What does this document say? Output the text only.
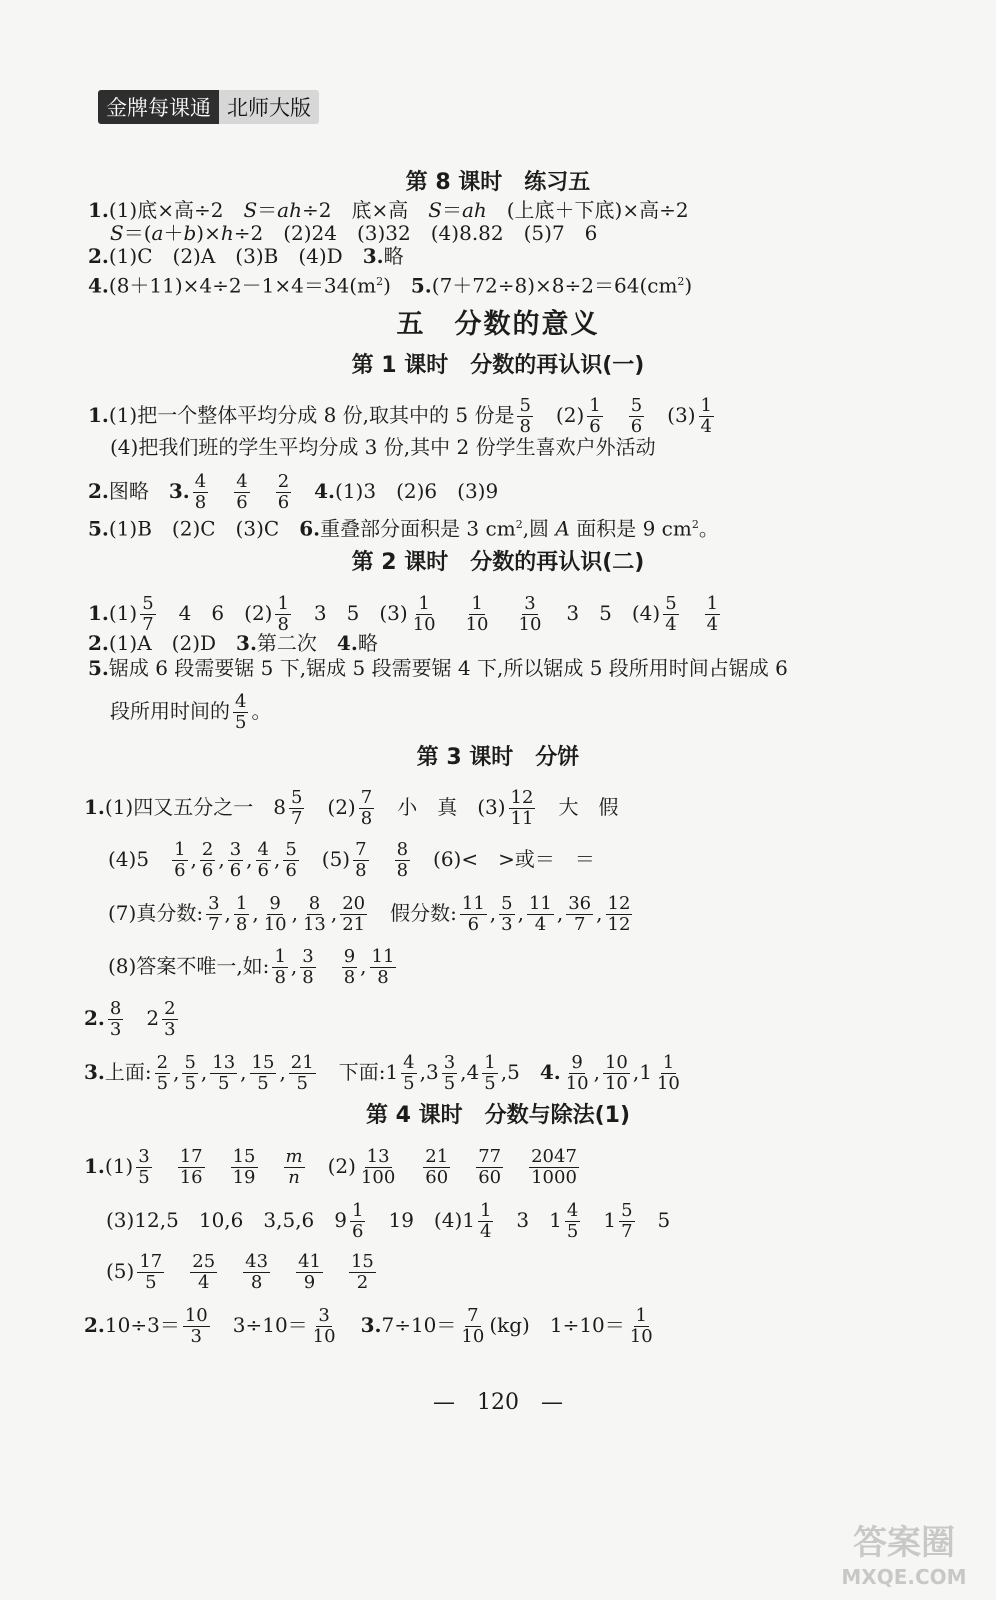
金牌每课通 北师大版
第 8 课时　练习五
1.(1)底×高÷2　S＝ah÷2　底×高　S＝ah　(上底＋下底)×高÷2
S＝(a＋b)×h÷2　(2)24　(3)32　(4)8.82　(5)7　6
2.(1)C　(2)A　(3)B　(4)D　3.略
$4.(8+11)\times 4\div 2-1\times 4=34(m^2)$　$5.(7+72\div 8)\times 8\div 2=64(cm^2)$
五　分数的意义
第 1 课时　分数的再认识(一)
1.(1)把一个整体平均分成 8 份,取其中的 5 份是 $\frac{5}{8}$ 　$(2) \frac{1}{6}$
　 $\frac{5}{6}$ 　$(3) \frac{1}{4}$
(4)把我们班的学生平均分成 3 份,其中 2 份学生喜欢户外活动
2.图略　3. $\frac{4}{8}$
　 $\frac{4}{6}$
　 $\frac{2}{6}$
　 4.(1)3　(2)6　(3)9
5.(1)B　(2)C　(3)C　6.重叠部分面积是 3 $cm^2$,圆 A 面积是 9 $cm^2$。
第 2 课时　分数的再认识(二)
$1.(1) \frac{5}{7}$ 　4　6　$(2) \frac{1}{8}$ 　3　5　$(3) \frac{1}{10}$
　 $\frac{1}{10}$
　 $\frac{3}{10}$ 　3　5　$(4) \frac{5}{4}$
　 $\frac{1}{4}$
2.(1)A　(2)D　3.第二次　4.略
5.锯成 6 段需要锯 5 下,锯成 5 段需要锯 4 下,所以锯成 5 段所用时间占锯成 6
段所用时间的 $\frac{4}{5}$ 。
第 3 课时　分饼
1.(1)四又五分之一　$8 \frac{5}{7}$ 　$(2) \frac{7}{8}$ 　小　真　$(3) \frac{12}{11}$ 　大　假
(4)5　 $\frac{1}{6}$ , $\frac{2}{6}$ , $\frac{3}{6}$ , $\frac{4}{6}$ , $\frac{5}{6}$ 　$(5) \frac{7}{8}$
　 $\frac{8}{8}$ 　(6)<　>或＝　＝
(7)真分数: $\frac{3}{7}$ , $\frac{1}{8}$ , $\frac{9}{10}$ , $\frac{8}{13}$ , $\frac{20}{21}$ 　假分数: $\frac{11}{6}$ , $\frac{5}{3}$ , $\frac{11}{4}$ , $\frac{36}{7}$ , $\frac{12}{12}$
(8)答案不唯一,如: $\frac{1}{8}$ , $\frac{3}{8}$
　 $\frac{9}{8}$ , $\frac{11}{8}$
2. $\frac{8}{3}$ 　$2 \frac{2}{3}$
3.上面: $\frac{2}{5}$ , $\frac{5}{5}$ , $\frac{13}{5}$ , $\frac{15}{5}$ , $\frac{21}{5}$ 　下面:1 $\frac{4}{5} ,3 \frac{3}{5} ,4 \frac{1}{5} ,5$　4. $\frac{9}{10}$ , $\frac{10}{10} ,1 \frac{1}{10}$
第 4 课时　分数与除法(1)
$1.(1) \frac{3}{5}$
　 $\frac{17}{16}$
　 $\frac{15}{19}$
　 $\frac{m}{n}$ 　$(2) \frac{13}{100}$
　 $\frac{21}{60}$
　 $\frac{77}{60}$
　 $\frac{2047}{1000}$
(3)12,5　10,6　3,5,6　$9 \frac{1}{6}$ 　19　$(4)1 \frac{1}{4}$ 　3　$1 \frac{4}{5}$ 　$1 \frac{5}{7}$ 　5
$(5) \frac{17}{5}$
　 $\frac{25}{4}$
　 $\frac{43}{8}$
　 $\frac{41}{9}$
　 $\frac{15}{2}$
$2.10\div 3= \frac{10}{3}$ 　$3\div 10= \frac{3}{10}$
　 $3.7\div 10= \frac{7}{10} (kg)$　$1\div 10= \frac{1}{10}$
—　120　—
答案圈
MXQE.COM
